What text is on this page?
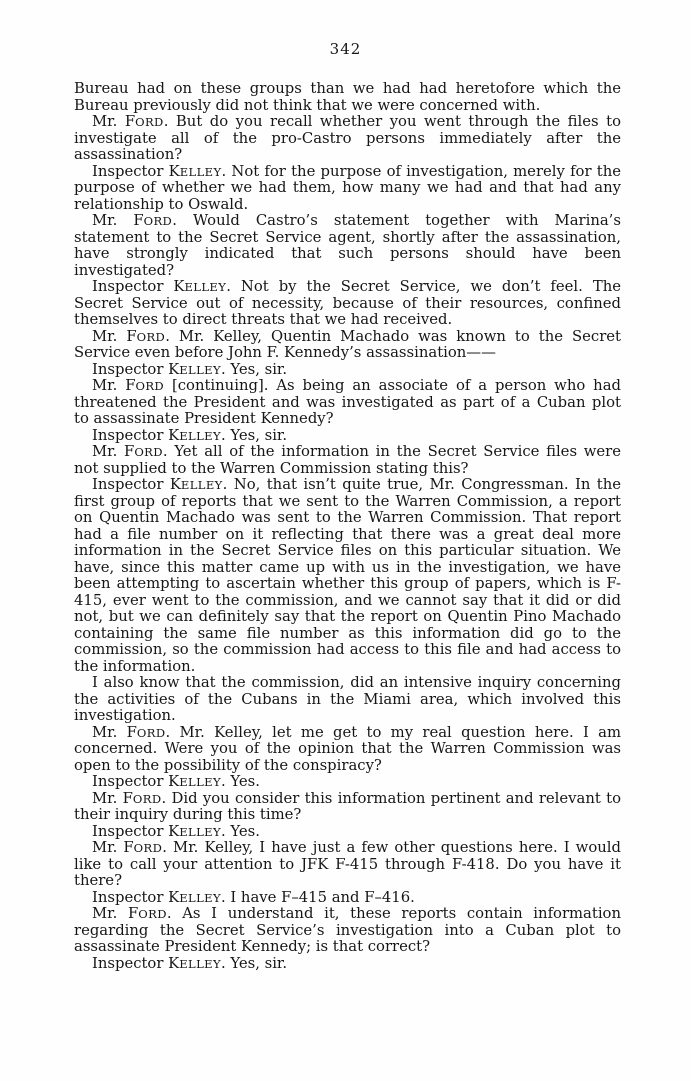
342

Bureau had on these groups than we had had heretofore which the Bureau previously did not think that we were concerned with.

Mr. FORD. But do you recall whether you went through the files to investigate all of the pro-Castro persons immediately after the assassination?

Inspector KELLEY. Not for the purpose of investigation, merely for the purpose of whether we had them, how many we had and that had any relationship to Oswald.

Mr. FORD. Would Castro’s statement together with Marina’s statement to the Secret Service agent, shortly after the assassination, have strongly indicated that such persons should have been investigated?

Inspector KELLEY. Not by the Secret Service, we don’t feel. The Secret Service out of necessity, because of their resources, confined themselves to direct threats that we had received.

Mr. FORD. Mr. Kelley, Quentin Machado was known to the Secret Service even before John F. Kennedy’s assassination——

Inspector KELLEY. Yes, sir.

Mr. FORD [continuing]. As being an associate of a person who had threatened the President and was investigated as part of a Cuban plot to assassinate President Kennedy?

Inspector KELLEY. Yes, sir.

Mr. FORD. Yet all of the information in the Secret Service files were not supplied to the Warren Commission stating this?

Inspector KELLEY. No, that isn’t quite true, Mr. Congressman. In the first group of reports that we sent to the Warren Commission, a report on Quentin Machado was sent to the Warren Commission. That report had a file number on it reflecting that there was a great deal more information in the Secret Service files on this particular situation. We have, since this matter came up with us in the investigation, we have been attempting to ascertain whether this group of papers, which is F-415, ever went to the commission, and we cannot say that it did or did not, but we can definitely say that the report on Quentin Pino Machado containing the same file number as this information did go to the commission, so the commission had access to this file and had access to the information.

I also know that the commission, did an intensive inquiry concerning the activities of the Cubans in the Miami area, which involved this investigation.

Mr. FORD. Mr. Kelley, let me get to my real question here. I am concerned. Were you of the opinion that the Warren Commission was open to the possibility of the conspiracy?

Inspector KELLEY. Yes.

Mr. FORD. Did you consider this information pertinent and relevant to their inquiry during this time?

Inspector KELLEY. Yes.

Mr. FORD. Mr. Kelley, I have just a few other questions here. I would like to call your attention to JFK F-415 through F-418. Do you have it there?

Inspector KELLEY. I have F–415 and F–416.

Mr. FORD. As I understand it, these reports contain information regarding the Secret Service’s investigation into a Cuban plot to assassinate President Kennedy; is that correct?

Inspector KELLEY. Yes, sir.
